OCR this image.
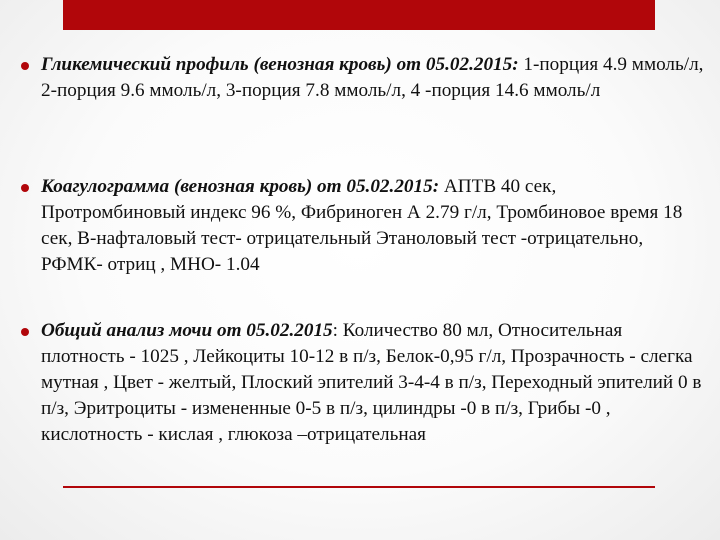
Гликемический профиль (венозная кровь) от 05.02.2015: 1-порция 4.9 ммоль/л, 2-порция 9.6 ммоль/л, 3-порция 7.8 ммоль/л, 4 -порция 14.6 ммоль/л
Коагулограмма (венозная кровь) от 05.02.2015: АПТВ 40 сек, Протромбиновый индекс 96 %, Фибриноген А 2.79 г/л, Тромбиновое время 18 сек, В-нафталовый тест- отрицательный Этаноловый тест -отрицательно, РФМК- отриц , МНО- 1.04
Общий анализ мочи от 05.02.2015: Количество 80 мл, Относительная плотность - 1025 , Лейкоциты 10-12 в п/з, Белок-0,95 г/л, Прозрачность - слегка мутная , Цвет - желтый, Плоский эпителий 3-4-4 в п/з, Переходный эпителий 0 в п/з, Эритроциты - измененные 0-5 в п/з, цилиндры -0 в п/з, Грибы -0 , кислотность - кислая , глюкоза –отрицательная
